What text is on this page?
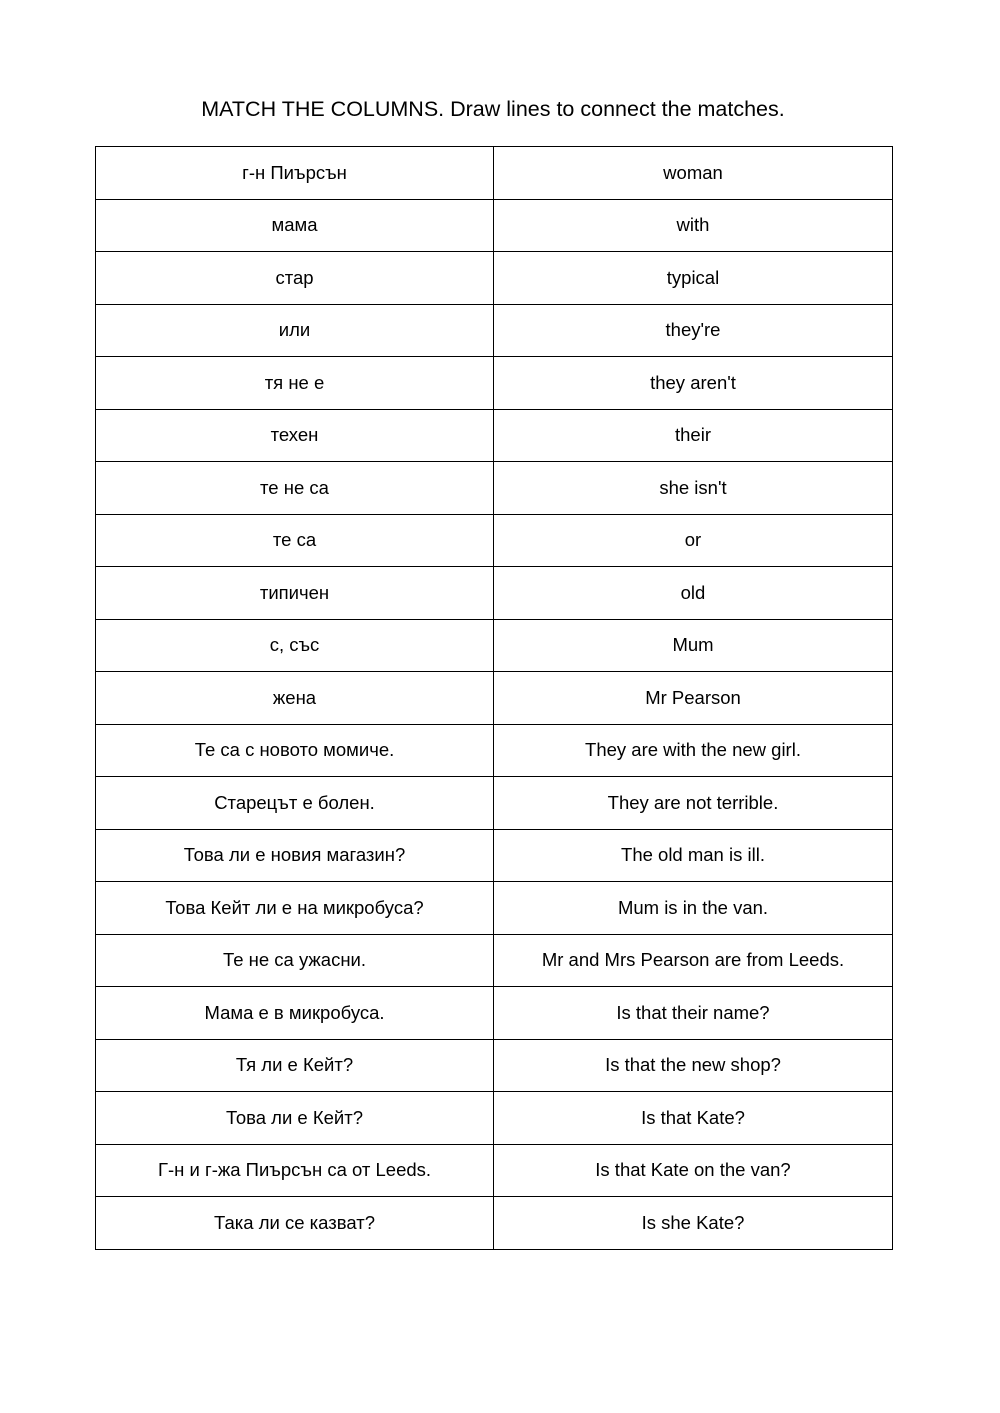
MATCH THE COLUMNS. Draw lines to connect the matches.
г-н Пиърсън	woman
мама	with
стар	typical
или	they're
тя не е	they aren't
техен	their
те не са	she isn't
те са	or
типичен	old
с, със	Mum
жена	Mr Pearson
Те са с новото момиче.	They are with the new girl.
Старецът е болен.	They are not terrible.
Това ли е новия магазин?	The old man is ill.
Това Кейт ли е на микробуса?	Mum is in the van.
Те не са ужасни.	Mr and Mrs Pearson are from Leeds.
Мама е в микробуса.	Is that their name?
Тя ли е Кейт?	Is that the new shop?
Това ли е Кейт?	Is that Kate?
Г-н и г-жа Пиърсън са от Leeds.	Is that Kate on the van?
Така ли се казват?	Is she Kate?
